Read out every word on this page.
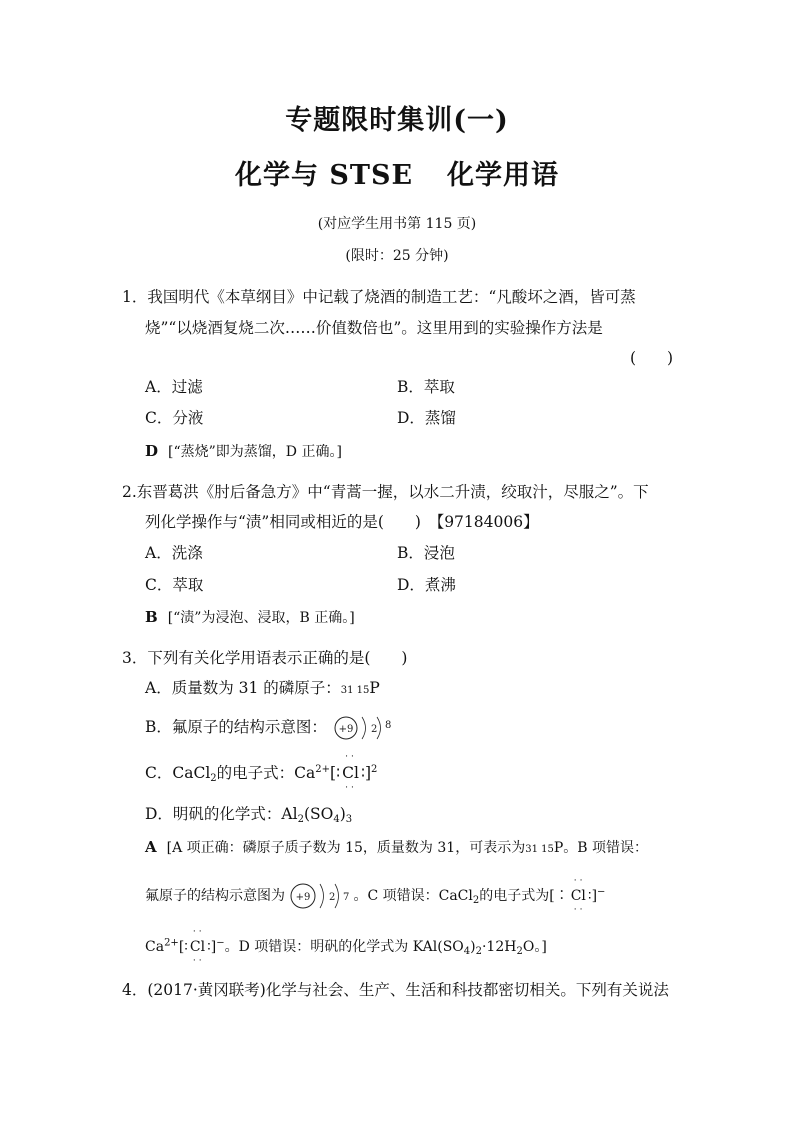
专题限时集训(一)
化学与 STSE 化学用语
(对应学生用书第 115 页)
(限时：25 分钟)
1．我国明代《本草纲目》中记载了烧酒的制造工艺：“凡酸坏之酒，皆可蒸
烧”“以烧酒复烧二次……价值数倍也”。这里用到的实验操作方法是
(　　)
A．过滤	B．萃取
C．分液	D．蒸馏
D [“蒸烧”即为蒸馏，D 正确。]
2.东晋葛洪《肘后备急方》中“青蒿一握，以水二升渍，绞取汁，尽服之”。下
列化学操作与“渍”相同或相近的是(　　)　【97184006】
A．洗涤	B．浸泡
C．萃取	D．煮沸
B [“渍”为浸泡、浸取，B 正确。]
3．下列有关化学用语表示正确的是(　　)
A．质量数为 31 的磷原子：31 15P
B．氟原子的结构示意图： +9 2 8
C．CaCl$_2$的电子式：$Ca^{2+}[∶$
··
Cl
··
∶]$^2$
D．明矾的化学式：$Al_2(SO_4)_3$
A [A 项正确：磷原子质子数为 15，质量数为 31，可表示为31 15P。B 项错误：
氟原子的结构示意图为 +9 2 7 。C 项错误：CaCl$_2$的电子式为[∶
··
Cl
··
∶]−
$Ca^{2+}[∶$
··
Cl
··
∶]−。D 项错误：明矾的化学式为 $KAl(SO_4)_2\cdot 12H_2O$。]
4．(2017·黄冈联考)化学与社会、生产、生活和科技都密切相关。下列有关说法
